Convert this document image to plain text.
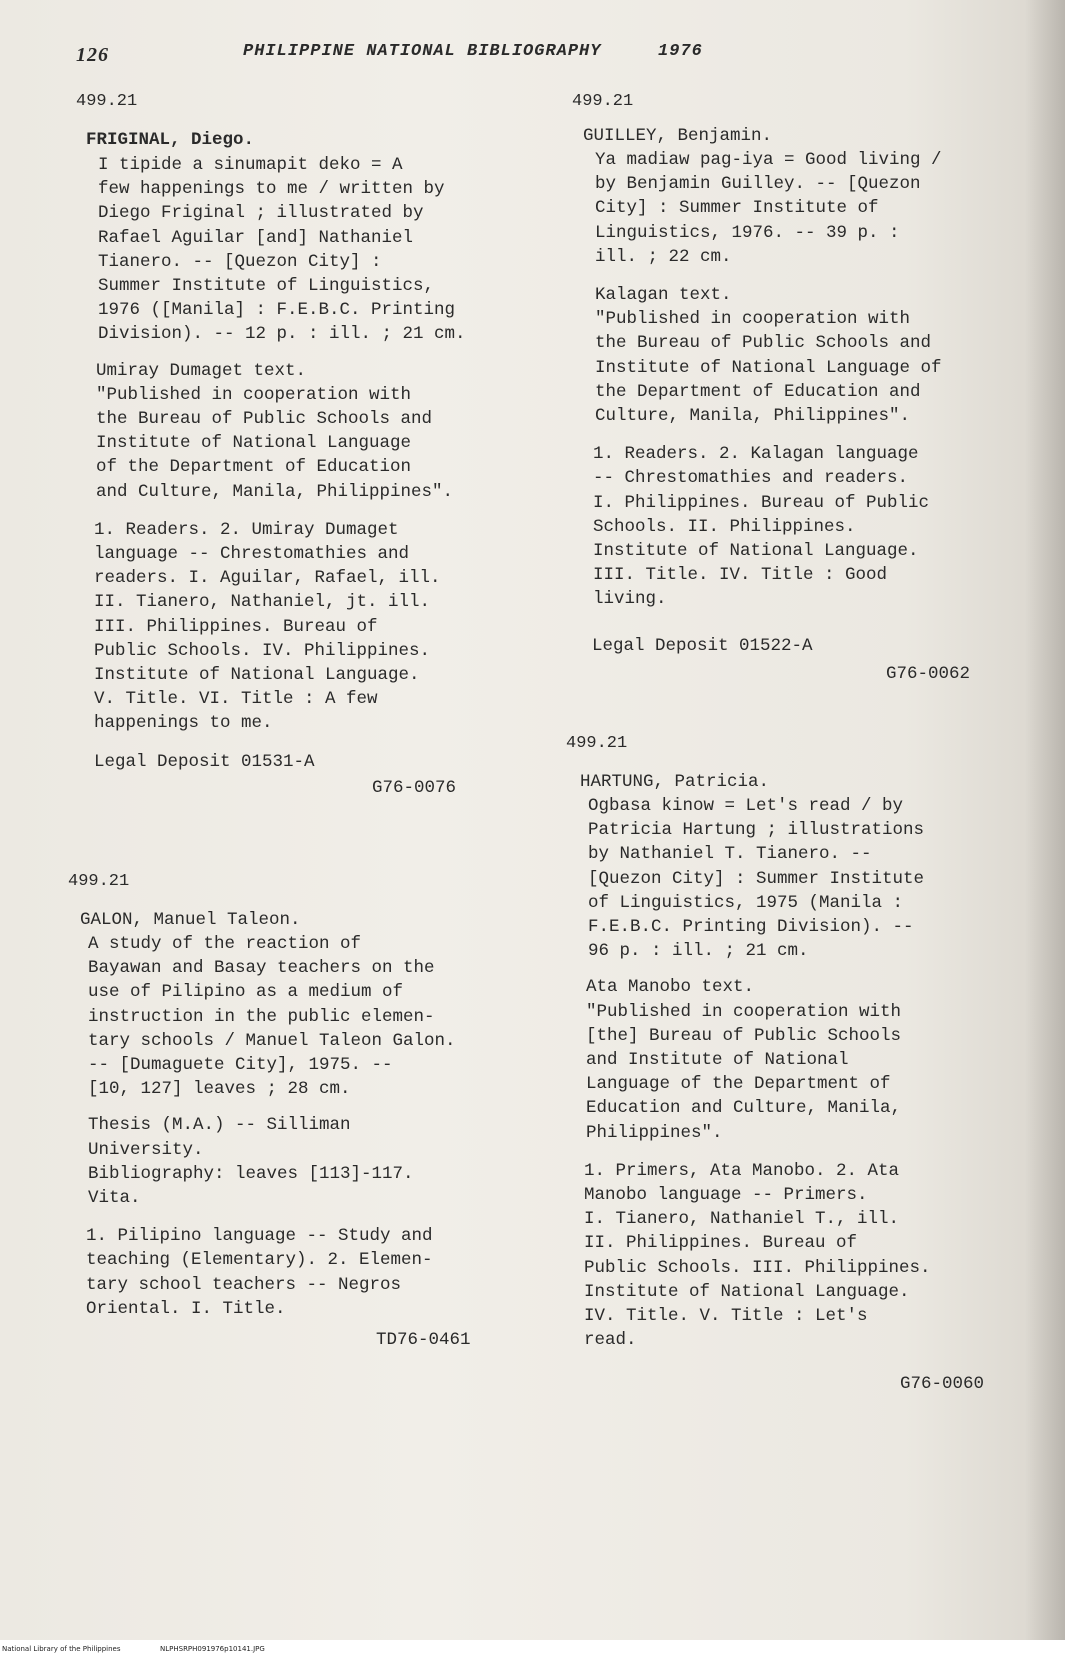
126	PHILIPPINE NATIONAL BIBLIOGRAPHY	1976
499.21
FRIGINAL, Diego.
I tipide a sinumapit deko = A
few happenings to me / written by
Diego Friginal ; illustrated by
Rafael Aguilar [and] Nathaniel
Tianero. -- [Quezon City] :
Summer Institute of Linguistics,
1976 ([Manila] : F.E.B.C. Printing
Division). -- 12 p. : ill. ; 21 cm.
Umiray Dumaget text.
"Published in cooperation with
the Bureau of Public Schools and
Institute of National Language
of the Department of Education
and Culture, Manila, Philippines".
1. Readers. 2. Umiray Dumaget
language -- Chrestomathies and
readers. I. Aguilar, Rafael, ill.
II. Tianero, Nathaniel, jt. ill.
III. Philippines. Bureau of
Public Schools. IV. Philippines.
Institute of National Language.
V. Title. VI. Title : A few
happenings to me.
Legal Deposit 01531-A
G76-0076
499.21
GALON, Manuel Taleon.
A study of the reaction of
Bayawan and Basay teachers on the
use of Pilipino as a medium of
instruction in the public elemen-
tary schools / Manuel Taleon Galon.
-- [Dumaguete City], 1975. --
[10, 127] leaves ; 28 cm.
Thesis (M.A.) -- Silliman
University.
Bibliography: leaves [113]-117.
Vita.
1. Pilipino language -- Study and
teaching (Elementary). 2. Elemen-
tary school teachers -- Negros
Oriental. I. Title.
TD76-0461
499.21
GUILLEY, Benjamin.
Ya madiaw pag-iya = Good living /
by Benjamin Guilley. -- [Quezon
City] : Summer Institute of
Linguistics, 1976. -- 39 p. :
ill. ; 22 cm.
Kalagan text.
"Published in cooperation with
the Bureau of Public Schools and
Institute of National Language of
the Department of Education and
Culture, Manila, Philippines".
1. Readers. 2. Kalagan language
-- Chrestomathies and readers.
I. Philippines. Bureau of Public
Schools. II. Philippines.
Institute of National Language.
III. Title. IV. Title : Good
living.
Legal Deposit 01522-A
G76-0062
499.21
HARTUNG, Patricia.
Ogbasa kinow = Let's read / by
Patricia Hartung ; illustrations
by Nathaniel T. Tianero. --
[Quezon City] : Summer Institute
of Linguistics, 1975 (Manila :
F.E.B.C. Printing Division). --
96 p. : ill. ; 21 cm.
Ata Manobo text.
"Published in cooperation with
[the] Bureau of Public Schools
and Institute of National
Language of the Department of
Education and Culture, Manila,
Philippines".
1. Primers, Ata Manobo. 2. Ata
Manobo language -- Primers.
I. Tianero, Nathaniel T., ill.
II. Philippines. Bureau of
Public Schools. III. Philippines.
Institute of National Language.
IV. Title. V. Title : Let's
read.
G76-0060
National Library of the Philippines	NLPHSRPH091976p10141.JPG
